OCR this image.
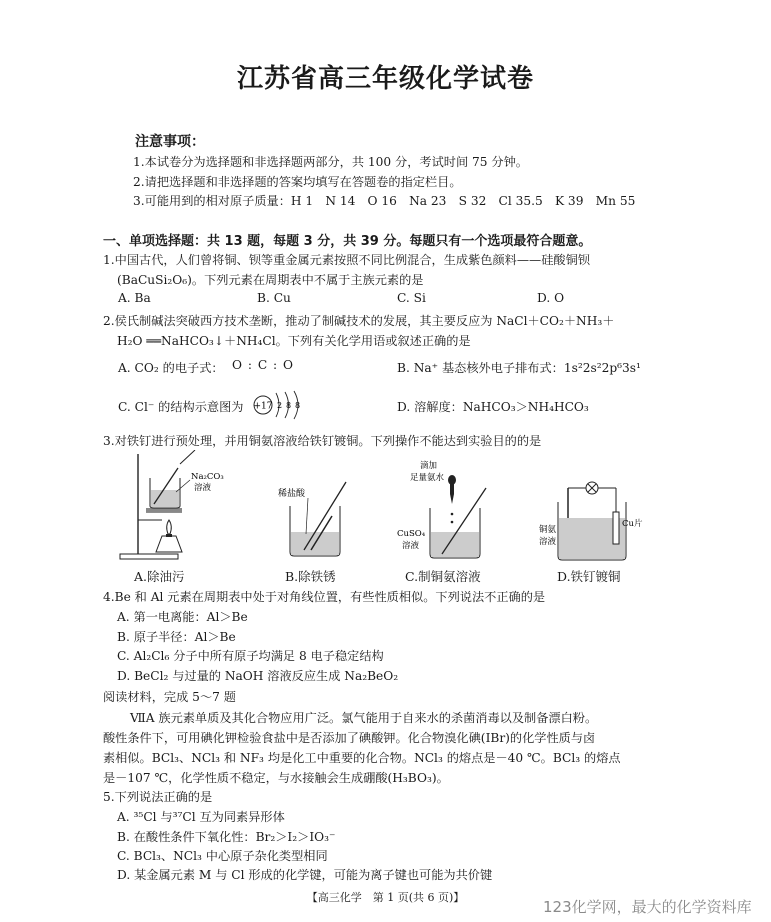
江苏省高三年级化学试卷
注意事项：
1.本试卷分为选择题和非选择题两部分，共 100 分，考试时间 75 分钟。
2.请把选择题和非选择题的答案均填写在答题卷的指定栏目。
3.可能用到的相对原子质量：H 1　N 14　O 16　Na 23　S 32　Cl 35.5　K 39　Mn 55
一、单项选择题：共 13 题，每题 3 分，共 39 分。每题只有一个选项最符合题意。
1.中国古代，人们曾将铜、钡等重金属元素按照不同比例混合，生成紫色颜料——硅酸铜钡
(BaCuSi₂O₆)。下列元素在周期表中不属于主族元素的是
A. Ba	B. Cu	C. Si	D. O
2.侯氏制碱法突破西方技术垄断，推动了制碱技术的发展，其主要反应为 NaCl＋CO₂＋NH₃＋
H₂O ══NaHCO₃↓＋NH₄Cl。下列有关化学用语或叙述正确的是
A. CO₂ 的电子式： O : C : O	B. Na⁺ 基态核外电子排布式：1s²2s²2p⁶3s¹
C. Cl⁻ 的结构示意图为 +17 2 8 8	D. 溶解度：NaHCO₃＞NH₄HCO₃
3.对铁钉进行预处理，并用铜氨溶液给铁钉镀铜。下列操作不能达到实验目的的是
Na₂CO₃
溶液
A.除油污
稀盐酸
B.除铁锈
滴加
足量氨水
CuSO₄
溶液
C.制铜氨溶液
铜氨
溶液
Cu片
D.铁钉镀铜
4.Be 和 Al 元素在周期表中处于对角线位置，有些性质相似。下列说法不正确的是
A. 第一电离能：Al＞Be
B. 原子半径：Al＞Be
C. Al₂Cl₆ 分子中所有原子均满足 8 电子稳定结构
D. BeCl₂ 与过量的 NaOH 溶液反应生成 Na₂BeO₂
阅读材料，完成 5～7 题
ⅦA 族元素单质及其化合物应用广泛。氯气能用于自来水的杀菌消毒以及制备漂白粉。
酸性条件下，可用碘化钾检验食盐中是否添加了碘酸钾。化合物溴化碘(IBr)的化学性质与卤
素相似。BCl₃、NCl₃ 和 NF₃ 均是化工中重要的化合物。NCl₃ 的熔点是－40 ℃。BCl₃ 的熔点
是－107 ℃，化学性质不稳定，与水接触会生成硼酸(H₃BO₃)。
5.下列说法正确的是
A. ³⁵Cl 与³⁷Cl 互为同素异形体
B. 在酸性条件下氧化性：Br₂＞I₂＞IO₃⁻
C. BCl₃、NCl₃ 中心原子杂化类型相同
D. 某金属元素 M 与 Cl 形成的化学键，可能为离子键也可能为共价键
【高三化学　第 1 页(共 6 页)】
123化学网，最大的化学资料库
